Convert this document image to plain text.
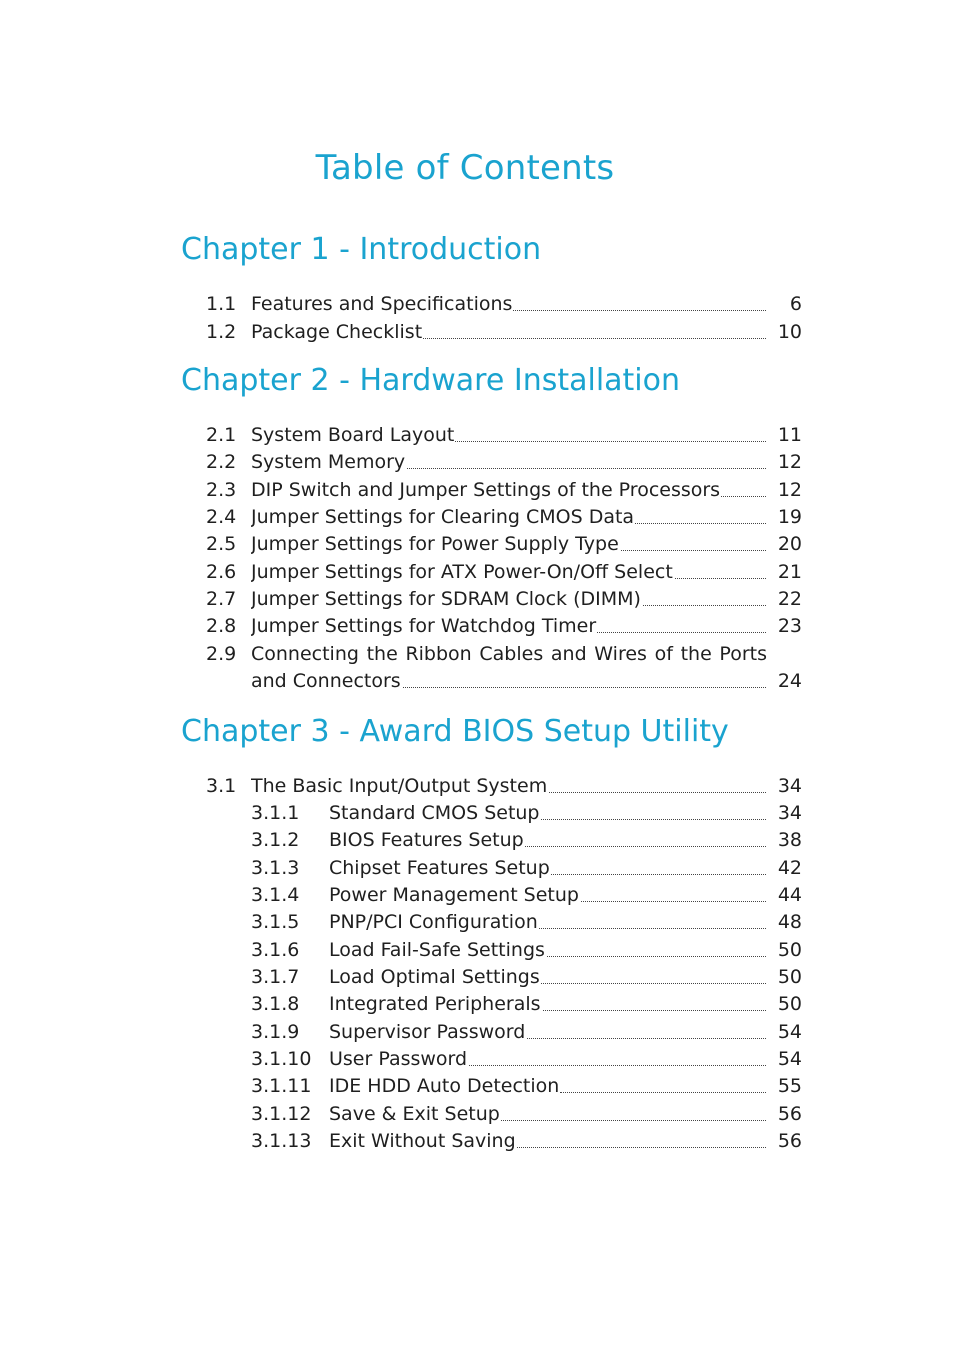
Table of Contents
Chapter 1 - Introduction
1.1 Features and Specifications	6
1.2 Package Checklist	10
Chapter 2 - Hardware Installation
2.1 System Board Layout	11
2.2 System Memory	12
2.3 DIP Switch and Jumper Settings of the Processors	12
2.4 Jumper Settings for Clearing CMOS Data	19
2.5 Jumper Settings for Power Supply Type	20
2.6 Jumper Settings for ATX Power-On/Off Select	21
2.7 Jumper Settings for SDRAM Clock (DIMM)	22
2.8 Jumper Settings for Watchdog Timer	23
2.9 Connecting the Ribbon Cables and Wires of the Ports
and Connectors	24
Chapter 3 - Award BIOS Setup Utility
3.1 The Basic Input/Output System	34
3.1.1 Standard CMOS Setup	34
3.1.2 BIOS Features Setup	38
3.1.3 Chipset Features Setup	42
3.1.4 Power Management Setup	44
3.1.5 PNP/PCI Configuration	48
3.1.6 Load Fail-Safe Settings	50
3.1.7 Load Optimal Settings	50
3.1.8 Integrated Peripherals	50
3.1.9 Supervisor Password	54
3.1.10 User Password	54
3.1.11 IDE HDD Auto Detection	55
3.1.12 Save & Exit Setup	56
3.1.13 Exit Without Saving	56
